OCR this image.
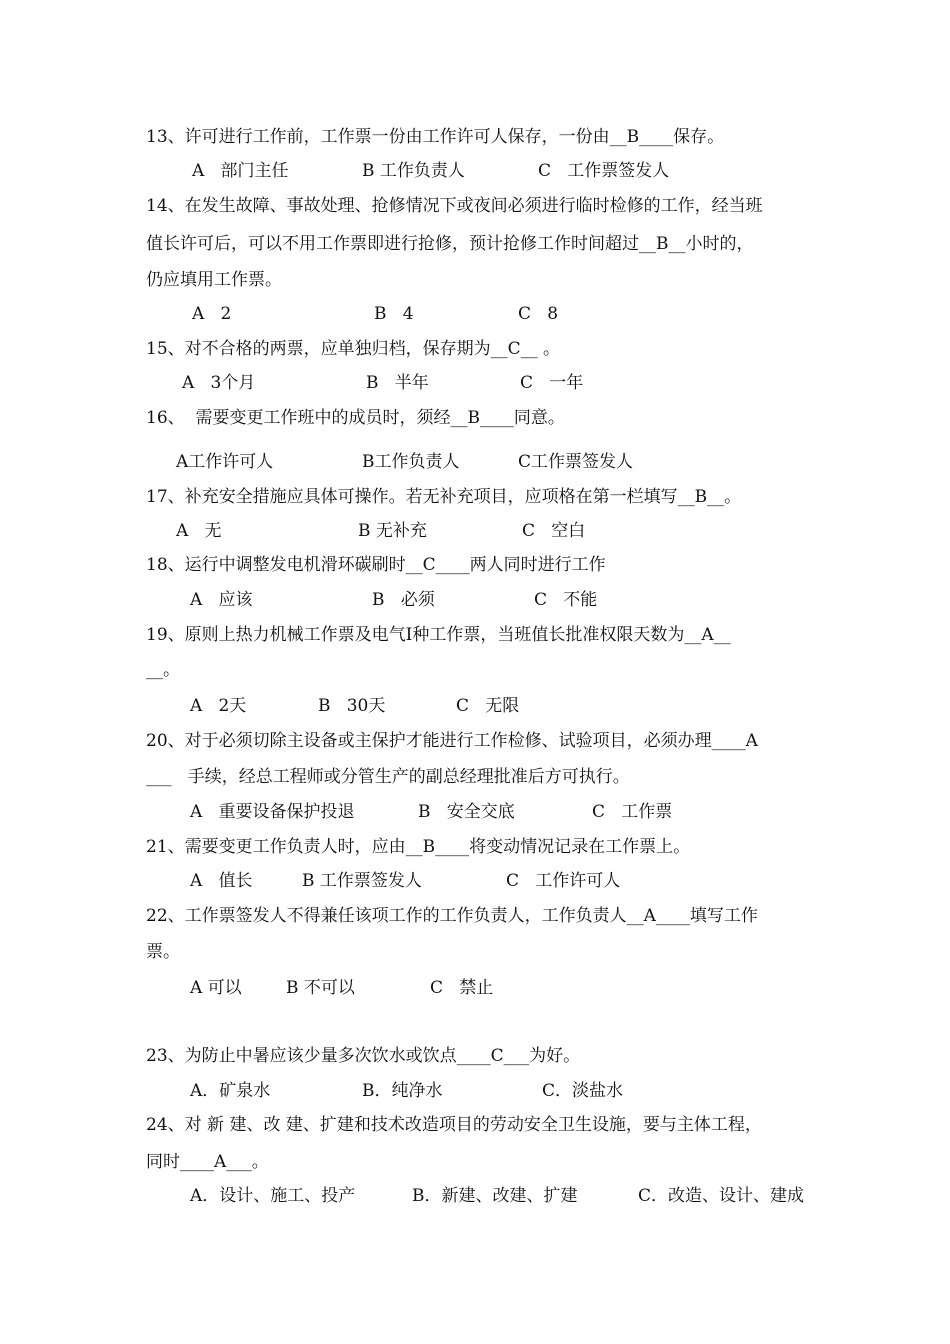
13、许可进行工作前，工作票一份由工作许可人保存，一份由__B____保存。
A   部门主任	B 工作负责人	C   工作票签发人
14、在发生故障、事故处理、抢修情况下或夜间必须进行临时检修的工作，经当班
值长许可后，可以不用工作票即进行抢修，预计抢修工作时间超过__B__小时的，
仍应填用工作票。
A   2	B   4	C   8
15、对不合格的两票，应单独归档，保存期为__C__ 。
A   3个月	B   半年	C   一年
16、  需要变更工作班中的成员时，须经__B____同意。
A工作许可人	B工作负责人	C工作票签发人
17、补充安全措施应具体可操作。若无补充项目，应项格在第一栏填写__B__。
A   无	B 无补充	C   空白
18、运行中调整发电机滑环碳刷时__C____两人同时进行工作
A   应该	B   必须	C   不能
19、原则上热力机械工作票及电气Ⅰ种工作票，当班值长批准权限天数为__A__
__。
A   2天	B   30天	C   无限
20、对于必须切除主设备或主保护才能进行工作检修、试验项目，必须办理____A
___   手续，经总工程师或分管生产的副总经理批准后方可执行。
A   重要设备保护投退	B   安全交底	C   工作票
21、需要变更工作负责人时，应由__B____将变动情况记录在工作票上。
A   值长	B 工作票签发人	C   工作许可人
22、工作票签发人不得兼任该项工作的工作负责人，工作负责人__A____填写工作
票。
A 可以	B 不可以	C   禁止
23、为防止中暑应该少量多次饮水或饮点____C___为好。
A．矿泉水	B．纯净水	C．淡盐水
24、对 新 建、改 建、扩建和技术改造项目的劳动安全卫生设施，要与主体工程，
同时____A___。
A．设计、施工、投产	B．新建、改建、扩建	C．改造、设计、建成
